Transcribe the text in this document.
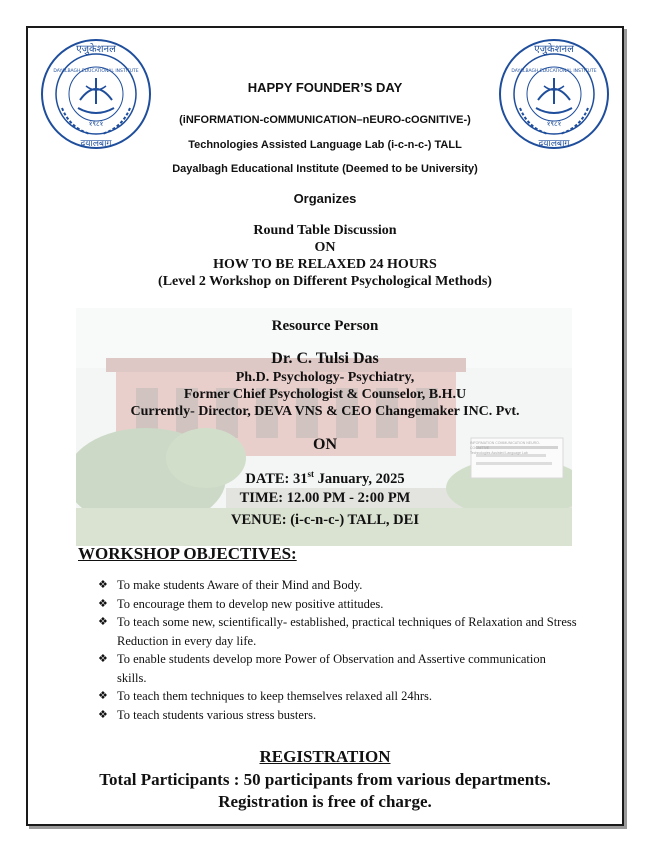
एजुकेशनल
दयालबाग
DAYALBAGH EDUCATIONAL INSTITUTE
१९८१
एजुकेशनल
दयालबाग
DAYALBAGH EDUCATIONAL INSTITUTE
१९८१
INFORMATION COMMUNICATION NEURO-COGNITIVE
Technologies Assisted Language Lab
HAPPY FOUNDER’S DAY
(iNFORMATION-cOMMUNICATION–nEURO-cOGNITIVE-)
Technologies Assisted Language Lab (i-c-n-c-) TALL
Dayalbagh Educational Institute (Deemed to be University)
Organizes
Round Table Discussion
ON
HOW TO BE RELAXED 24 HOURS
(Level 2 Workshop on Different Psychological Methods)
Resource Person
Dr. C. Tulsi Das
Ph.D. Psychology- Psychiatry,
Former Chief Psychologist & Counselor, B.H.U
Currently- Director, DEVA VNS & CEO Changemaker INC. Pvt.
ON
DATE: 31st January, 2025
TIME: 12.00 PM - 2:00 PM
VENUE: (i-c-n-c-) TALL, DEI
WORKSHOP OBJECTIVES:
❖ To make students Aware of their Mind and Body.
❖ To encourage them to develop new positive attitudes.
❖ To teach some new, scientifically- established, practical techniques of Relaxation and Stress Reduction in every day life.
❖ To enable students develop more Power of Observation and Assertive communication skills.
❖ To teach them techniques to keep themselves relaxed all 24hrs.
❖ To teach students various stress busters.
REGISTRATION
Total Participants : 50 participants from various departments.
Registration is free of charge.
